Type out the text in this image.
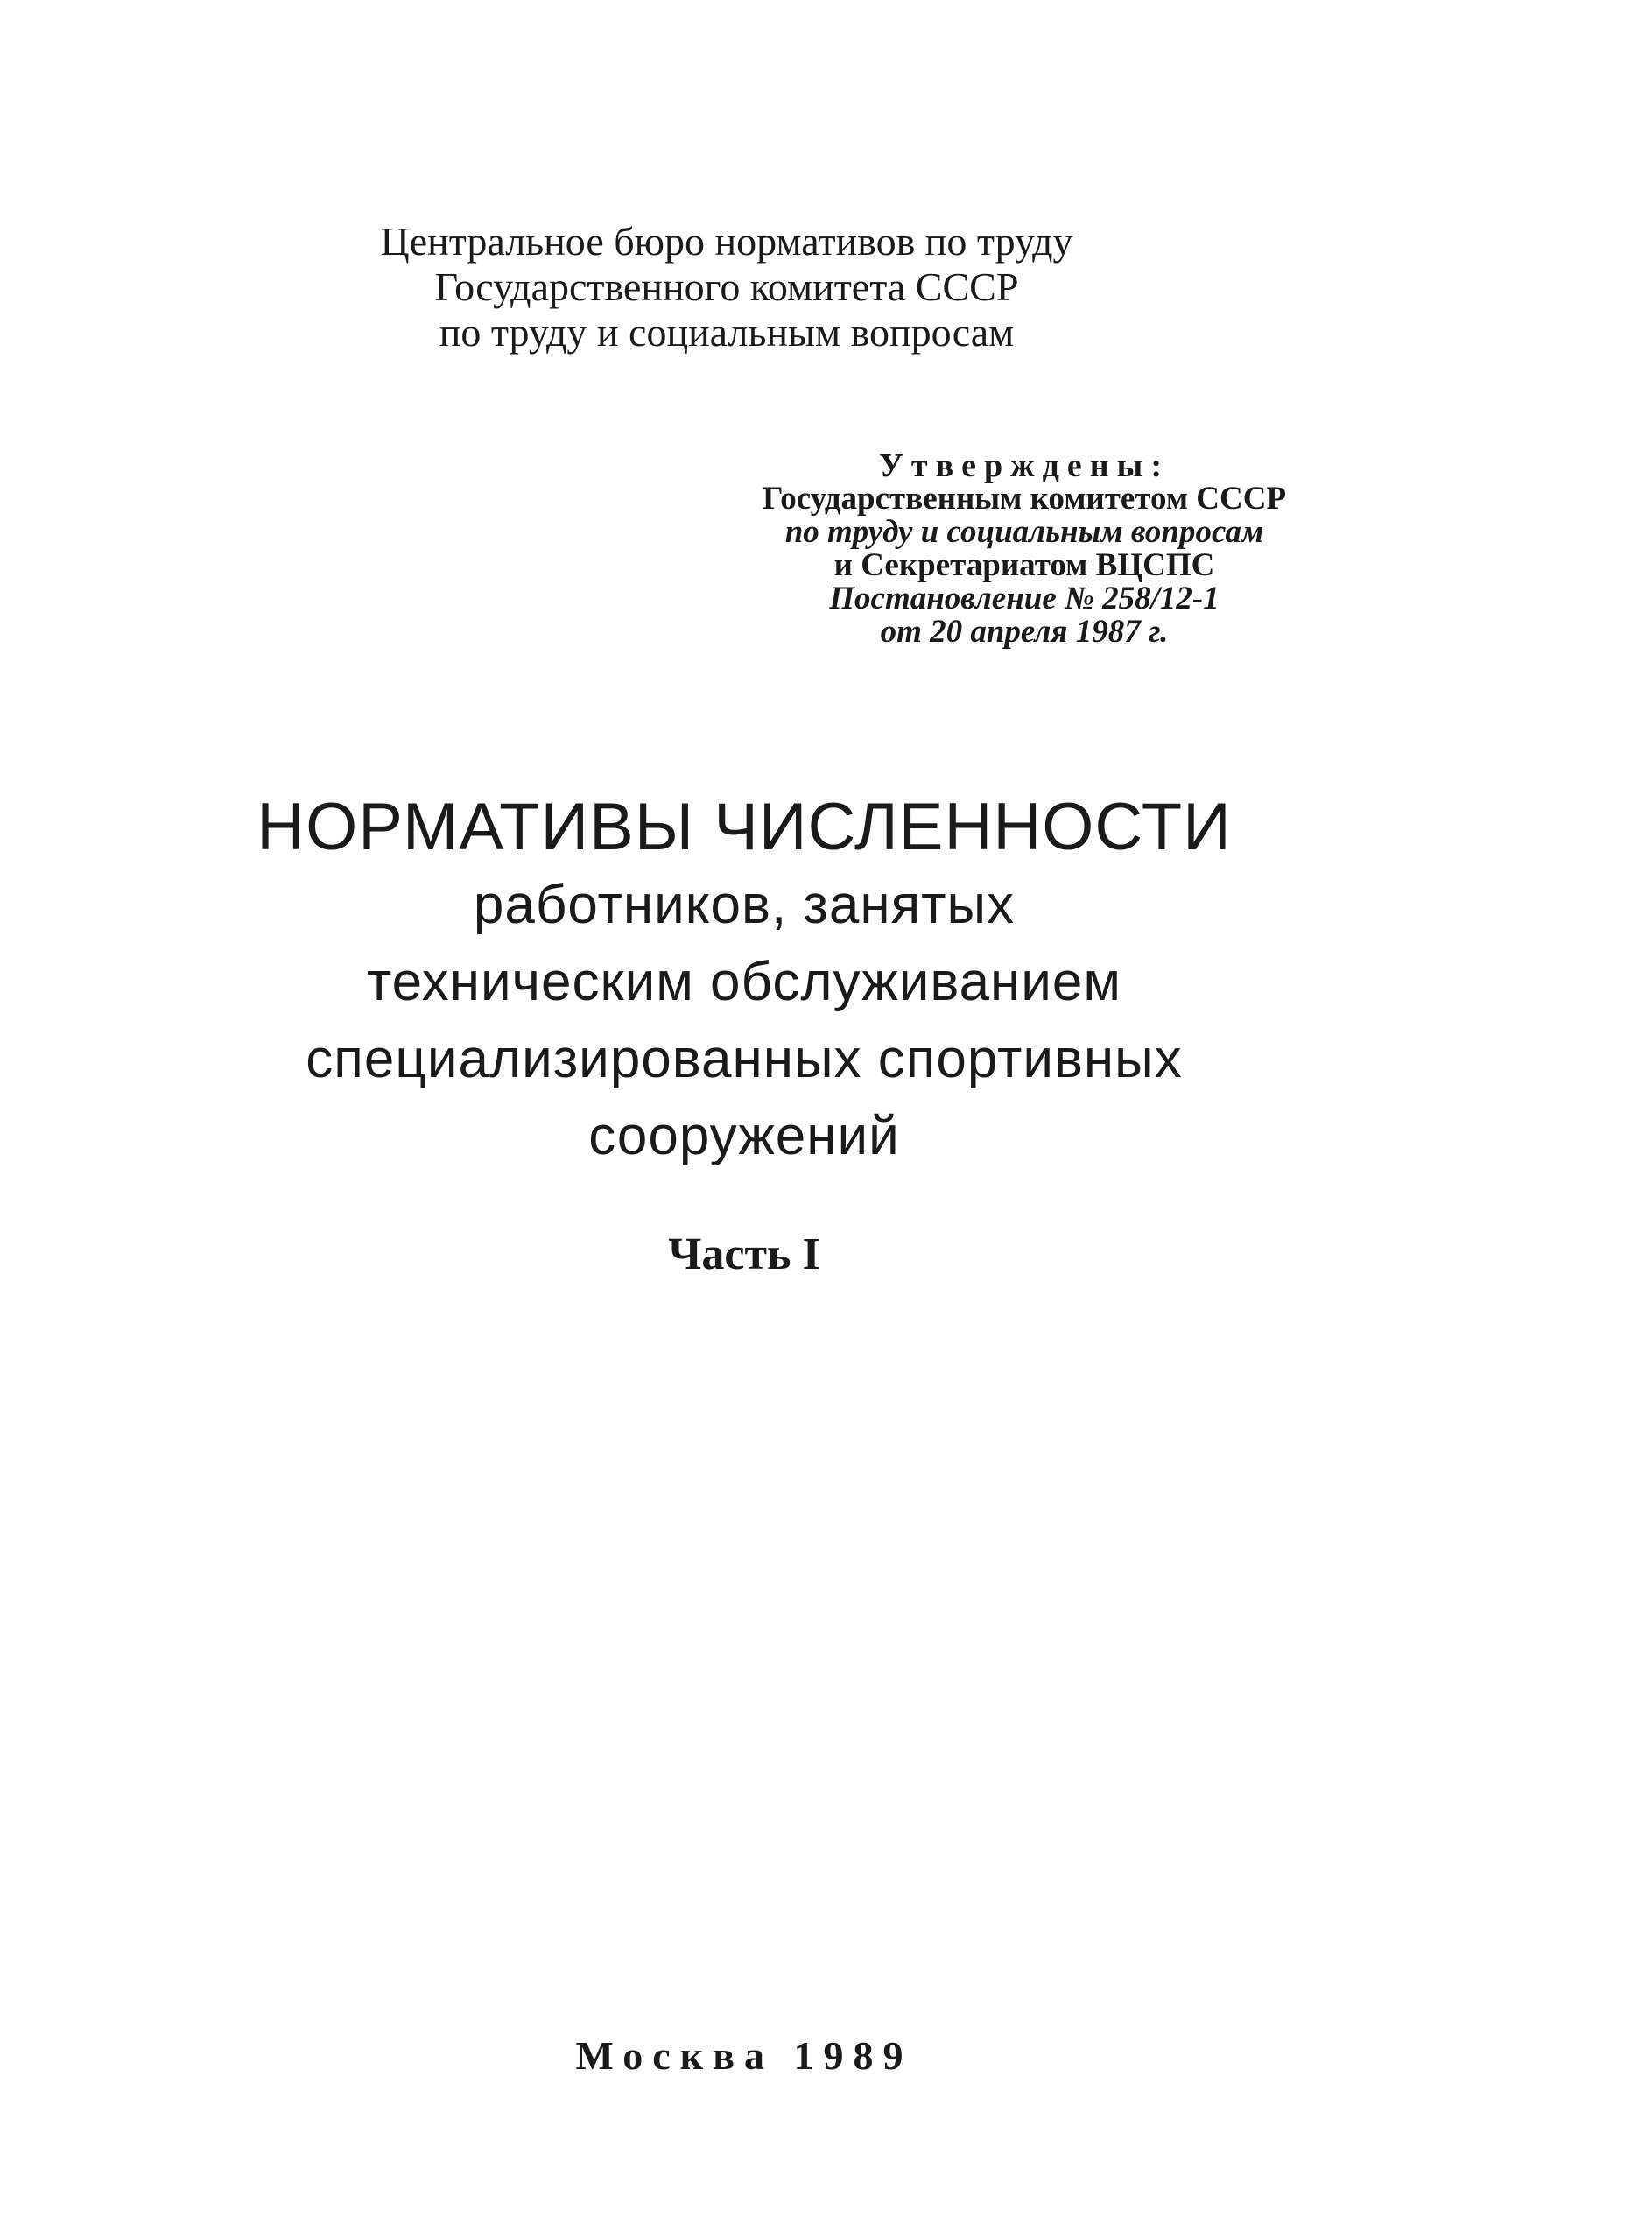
Центральное бюро нормативов по труду
Государственного комитета СССР
по труду и социальным вопросам
Утверждены:
Государственным комитетом СССР
по труду и социальным вопросам
и Секретариатом ВЦСПС
Постановление № 258/12-1
от 20 апреля 1987 г.
НОРМАТИВЫ ЧИСЛЕННОСТИ
работников, занятых
техническим обслуживанием
специализированных спортивных
сооружений
Часть I
Москва 1989
